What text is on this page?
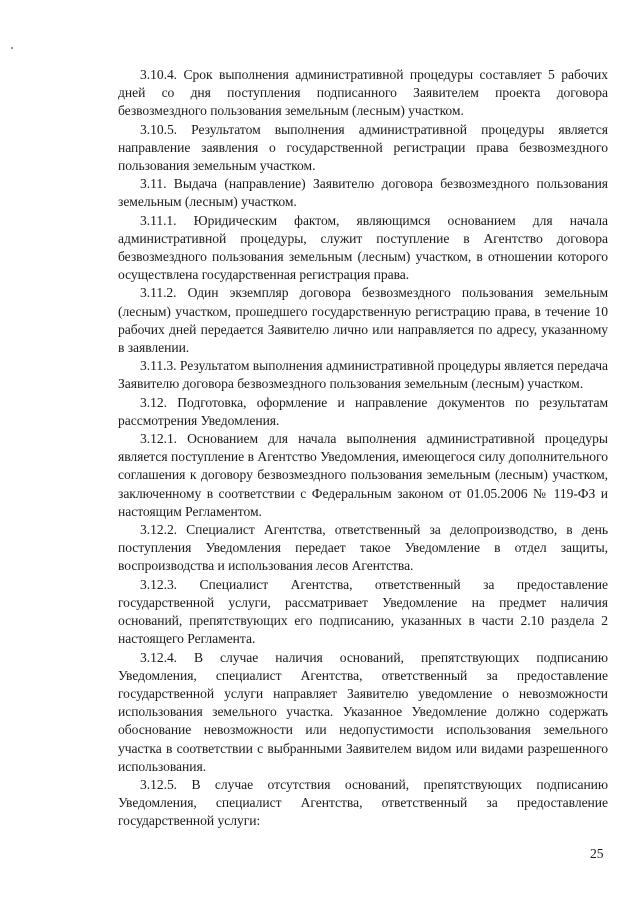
3.10.4. Срок выполнения административной процедуры составляет 5 рабочих дней со дня поступления подписанного Заявителем проекта договора безвозмездного пользования земельным (лесным) участком.

3.10.5. Результатом выполнения административной процедуры является направление заявления о государственной регистрации права безвозмездного пользования земельным участком.

3.11. Выдача (направление) Заявителю договора безвозмездного пользования земельным (лесным) участком.

3.11.1. Юридическим фактом, являющимся основанием для начала административной процедуры, служит поступление в Агентство договора безвозмездного пользования земельным (лесным) участком, в отношении которого осуществлена государственная регистрация права.

3.11.2. Один экземпляр договора безвозмездного пользования земельным (лесным) участком, прошедшего государственную регистрацию права, в течение 10 рабочих дней передается Заявителю лично или направляется по адресу, указанному в заявлении.

3.11.3. Результатом выполнения административной процедуры является передача Заявителю договора безвозмездного пользования земельным (лесным) участком.

3.12. Подготовка, оформление и направление документов по результатам рассмотрения Уведомления.

3.12.1. Основанием для начала выполнения административной процедуры является поступление в Агентство Уведомления, имеющегося силу дополнительного соглашения к договору безвозмездного пользования земельным (лесным) участком, заключенному в соответствии с Федеральным законом от 01.05.2006 № 119-ФЗ и настоящим Регламентом.

3.12.2. Специалист Агентства, ответственный за делопроизводство, в день поступления Уведомления передает такое Уведомление в отдел защиты, воспроизводства и использования лесов Агентства.

3.12.3. Специалист Агентства, ответственный за предоставление государственной услуги, рассматривает Уведомление на предмет наличия оснований, препятствующих его подписанию, указанных в части 2.10 раздела 2 настоящего Регламента.

3.12.4. В случае наличия оснований, препятствующих подписанию Уведомления, специалист Агентства, ответственный за предоставление государственной услуги направляет Заявителю уведомление о невозможности использования земельного участка. Указанное Уведомление должно содержать обоснование невозможности или недопустимости использования земельного участка в соответствии с выбранными Заявителем видом или видами разрешенного использования.

3.12.5. В случае отсутствия оснований, препятствующих подписанию Уведомления, специалист Агентства, ответственный за предоставление государственной услуги:

25
